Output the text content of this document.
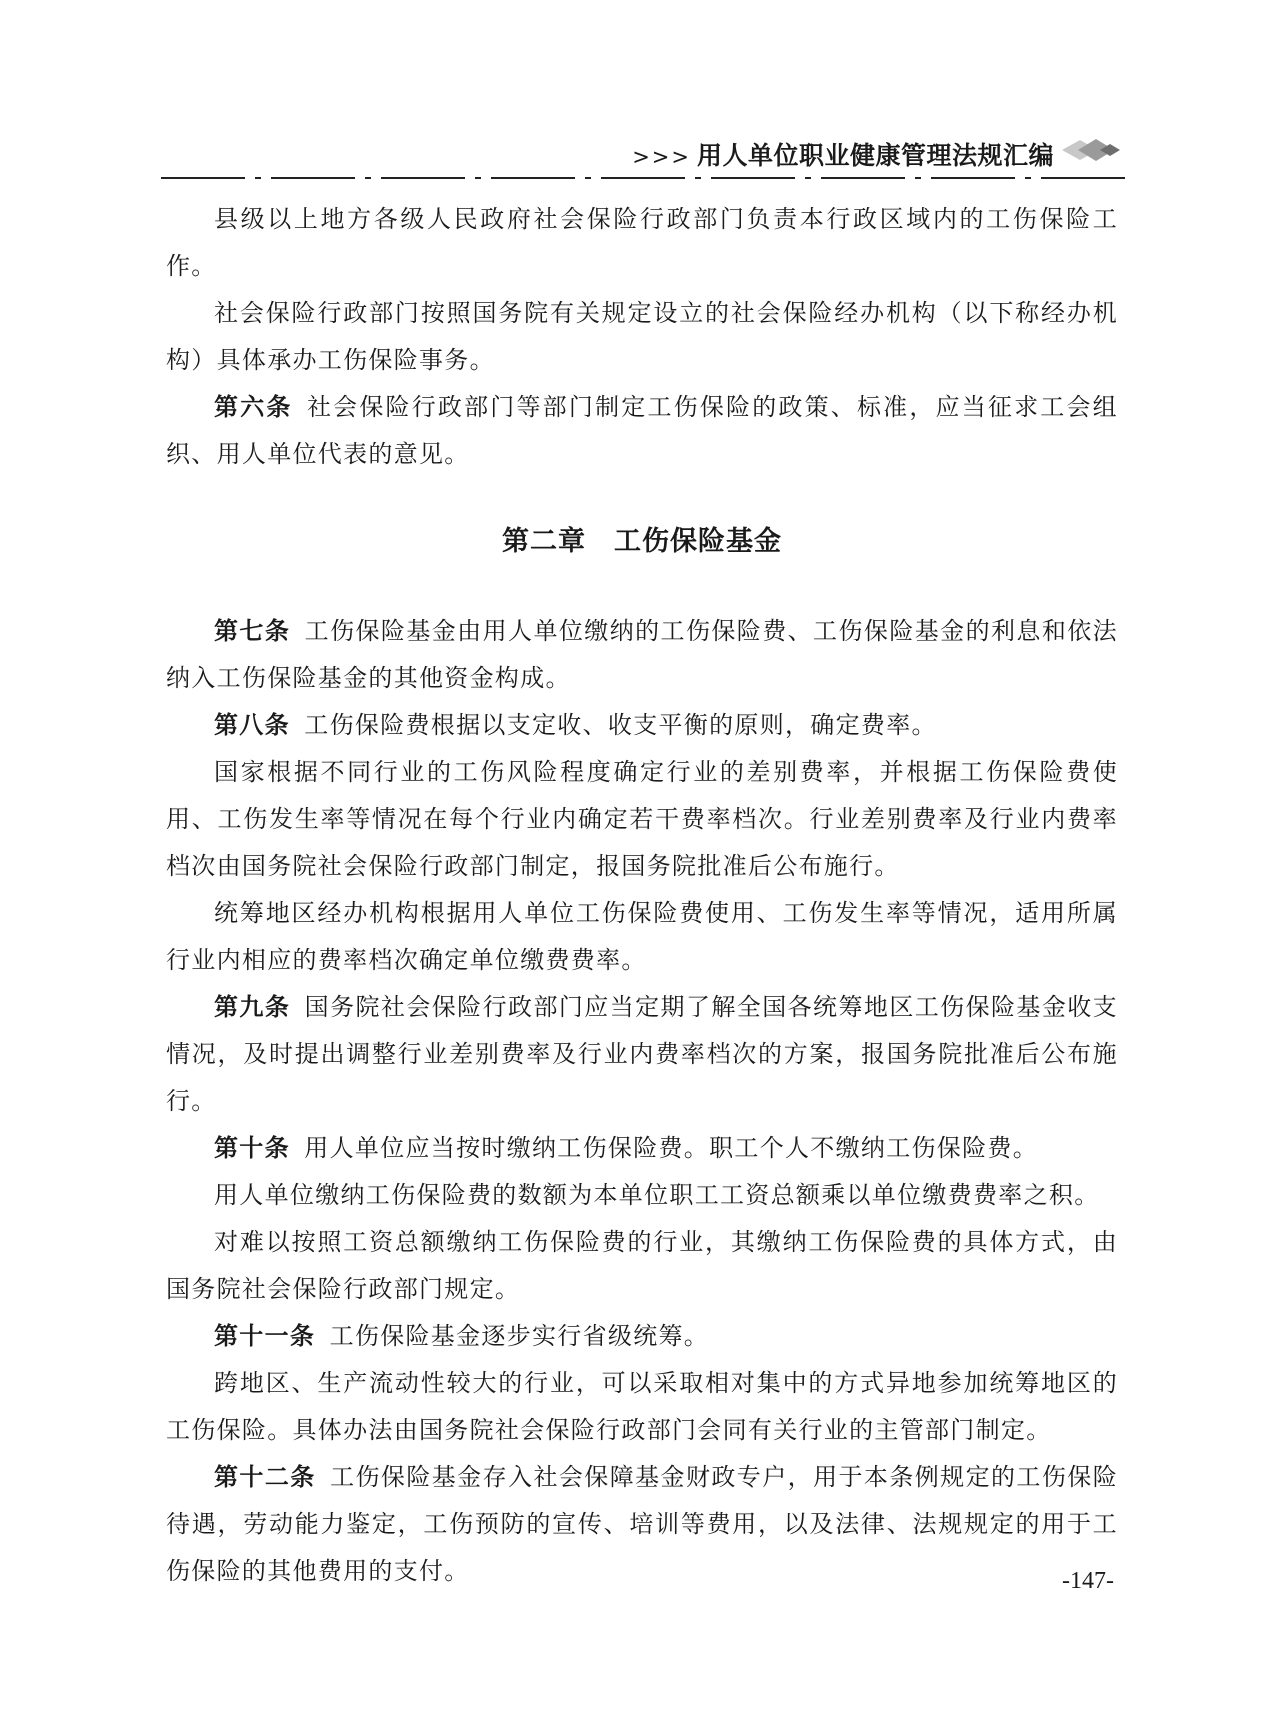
>>> 用人单位职业健康管理法规汇编

县级以上地方各级人民政府社会保险行政部门负责本行政区域内的工伤保险工作。

社会保险行政部门按照国务院有关规定设立的社会保险经办机构（以下称经办机构）具体承办工伤保险事务。

第六条 社会保险行政部门等部门制定工伤保险的政策、标准，应当征求工会组织、用人单位代表的意见。

第二章　工伤保险基金

第七条 工伤保险基金由用人单位缴纳的工伤保险费、工伤保险基金的利息和依法纳入工伤保险基金的其他资金构成。

第八条 工伤保险费根据以支定收、收支平衡的原则，确定费率。

国家根据不同行业的工伤风险程度确定行业的差别费率，并根据工伤保险费使用、工伤发生率等情况在每个行业内确定若干费率档次。行业差别费率及行业内费率档次由国务院社会保险行政部门制定，报国务院批准后公布施行。

统筹地区经办机构根据用人单位工伤保险费使用、工伤发生率等情况，适用所属行业内相应的费率档次确定单位缴费费率。

第九条 国务院社会保险行政部门应当定期了解全国各统筹地区工伤保险基金收支情况，及时提出调整行业差别费率及行业内费率档次的方案，报国务院批准后公布施行。

第十条 用人单位应当按时缴纳工伤保险费。职工个人不缴纳工伤保险费。

用人单位缴纳工伤保险费的数额为本单位职工工资总额乘以单位缴费费率之积。

对难以按照工资总额缴纳工伤保险费的行业，其缴纳工伤保险费的具体方式，由国务院社会保险行政部门规定。

第十一条 工伤保险基金逐步实行省级统筹。

跨地区、生产流动性较大的行业，可以采取相对集中的方式异地参加统筹地区的工伤保险。具体办法由国务院社会保险行政部门会同有关行业的主管部门制定。

第十二条 工伤保险基金存入社会保障基金财政专户，用于本条例规定的工伤保险待遇，劳动能力鉴定，工伤预防的宣传、培训等费用，以及法律、法规规定的用于工伤保险的其他费用的支付。	-147-
